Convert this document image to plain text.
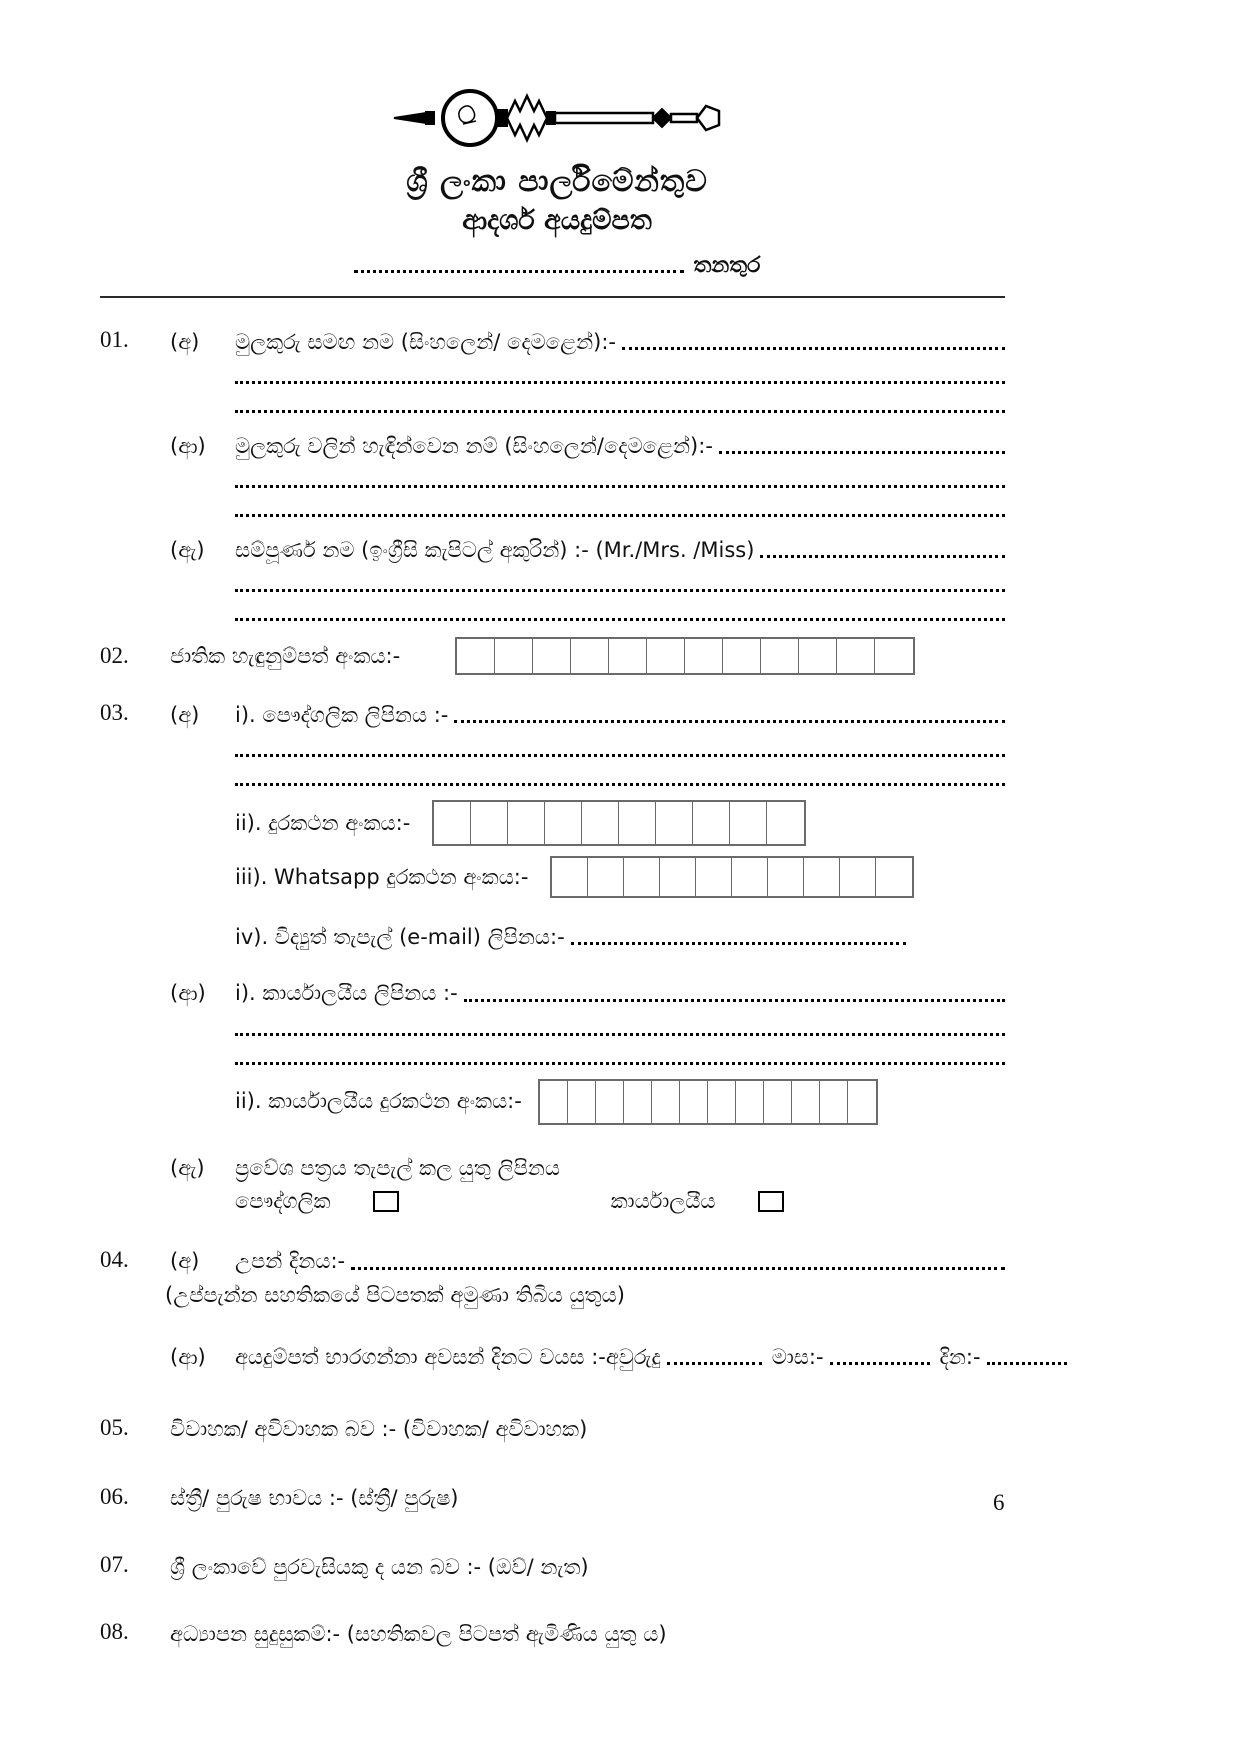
ශ්‍රී ලංකා පාර්ලිමේන්තුව
ආදර්ශ අයදුම්පත
තනතුර
01.	(අ)	මුලකුරු සමඟ නම (සිංහලෙන්/ දෙමළෙන්):-
(ආ)	මුලකුරු වලින් හැඳින්වෙන නම් (සිංහලෙන්/දෙමළෙන්):-
(ඇ)	සම්පූර්ණ නම (ඉංග්‍රීසි කැපිටල් අකුරින්) :- (Mr./Mrs. /Miss)
02.	ජාතික හැඳුනුම්පත් අංකය:-
03.	(අ)	i). පෞද්ගලික ලිපිනය :-
ii). දුරකථන අංකය:-
iii). Whatsapp දුරකථන අංකය:-
iv). විද්‍යුත් තැපැල් (e-mail) ලිපිනය:-
(ආ)	i). කාර්යාලයීය ලිපිනය :-
ii). කාර්යාලයීය දුරකථන අංකය:-
(ඇ)	ප්‍රවේශ පත්‍රය තැපැල් කල යුතු ලිපිනය
පෞද්ගලික	කාර්යාලයීය
04.	(අ)	උපන් දිනය:-
(උප්පැන්න සහතිකයේ පිටපතක් අමුණා තිබිය යුතුය)
(ආ)	අයදුම්පත් භාරගන්නා අවසන් දිනට වයස :-අවුරුදු	මාස:-	දින:-
05.	විවාහක/ අවිවාහක බව :- (විවාහක/ අවිවාහක)
06.	ස්ත්‍රී/ පුරුෂ භාවය :- (ස්ත්‍රී/ පුරුෂ)
07.	ශ්‍රී ලංකාවේ පුරවැසියකු ද යන බව :- (ඔව්/ නැත)
08.	අධ්‍යාපන සුදුසුකම්:- (සහතිකවල පිටපත් ඇමිණිය යුතු ය)
6
